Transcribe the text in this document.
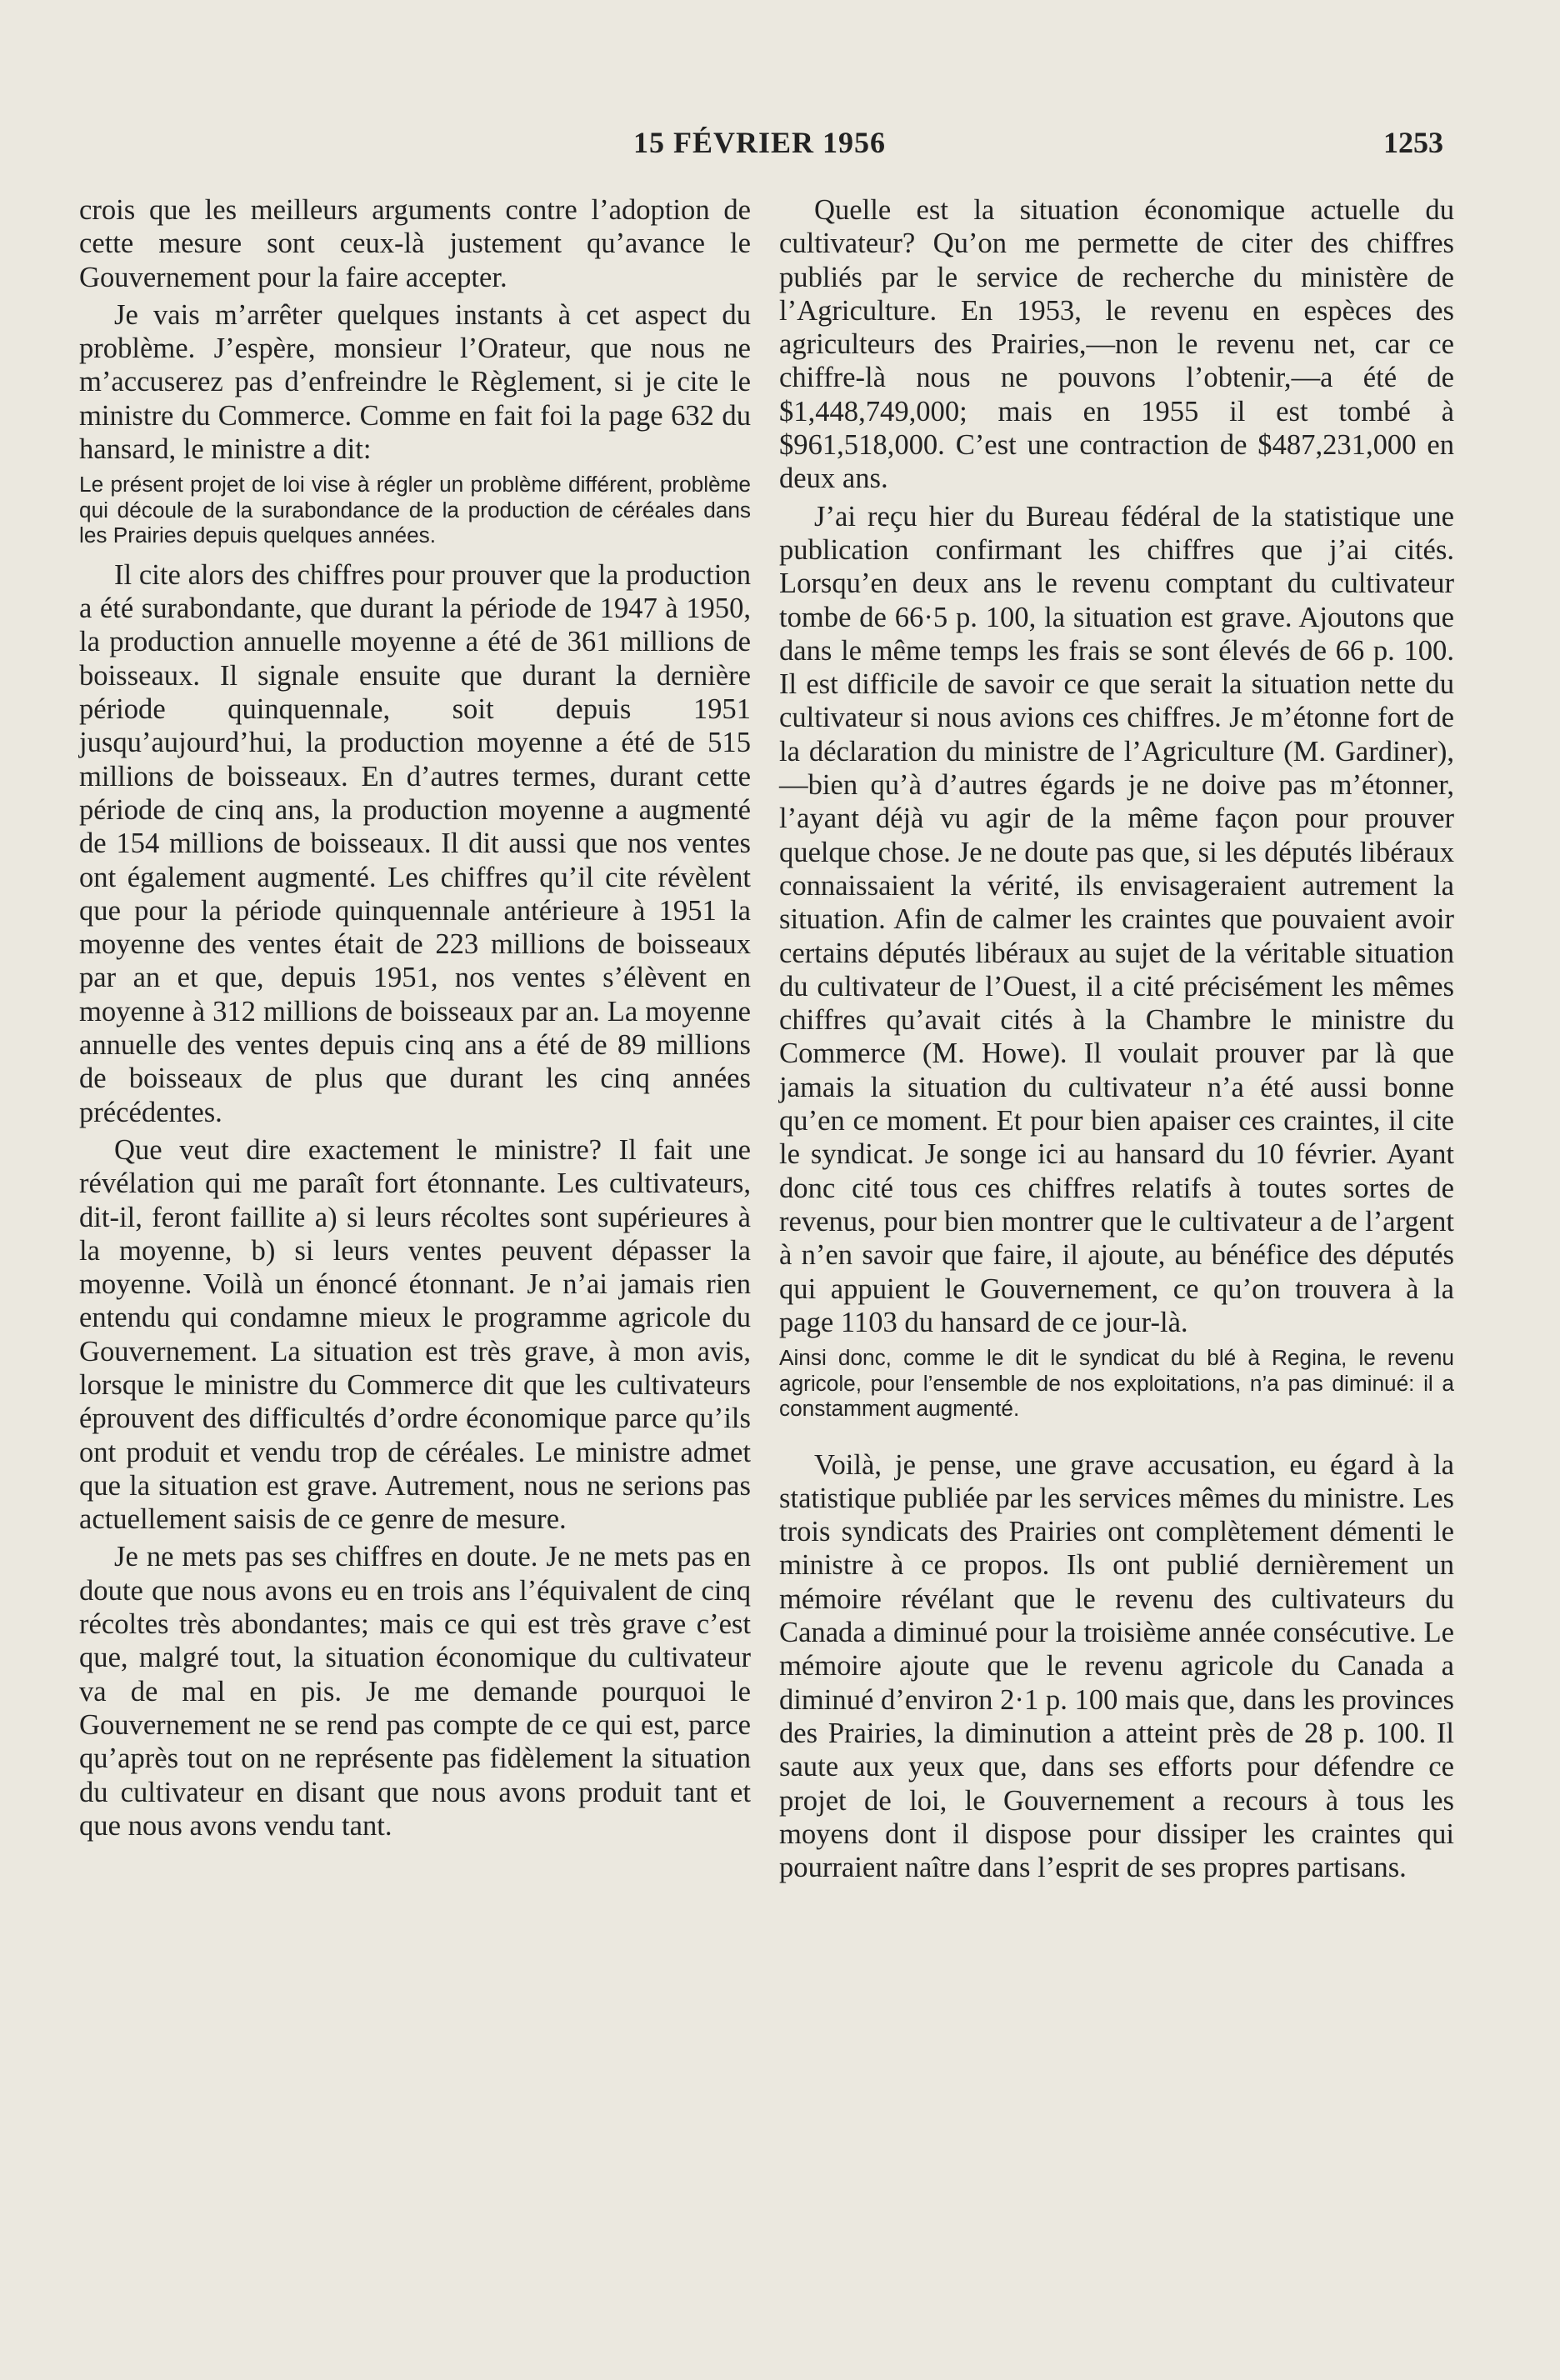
15 FÉVRIER 1956	1253

crois que les meilleurs arguments contre l’adoption de cette mesure sont ceux-là justement qu’avance le Gouvernement pour la faire accepter.

Je vais m’arrêter quelques instants à cet aspect du problème. J’espère, monsieur l’Orateur, que nous ne m’accuserez pas d’enfreindre le Règlement, si je cite le ministre du Commerce. Comme en fait foi la page 632 du hansard, le ministre a dit:

Le présent projet de loi vise à régler un problème différent, problème qui découle de la surabondance de la production de céréales dans les Prairies depuis quelques années.

Il cite alors des chiffres pour prouver que la production a été surabondante, que durant la période de 1947 à 1950, la production annuelle moyenne a été de 361 millions de boisseaux. Il signale ensuite que durant la dernière période quinquennale, soit depuis 1951 jusqu’aujourd’hui, la production moyenne a été de 515 millions de boisseaux. En d’autres termes, durant cette période de cinq ans, la production moyenne a augmenté de 154 millions de boisseaux. Il dit aussi que nos ventes ont également augmenté. Les chiffres qu’il cite révèlent que pour la période quinquennale antérieure à 1951 la moyenne des ventes était de 223 millions de boisseaux par an et que, depuis 1951, nos ventes s’élèvent en moyenne à 312 millions de boisseaux par an. La moyenne annuelle des ventes depuis cinq ans a été de 89 millions de boisseaux de plus que durant les cinq années précédentes.

Que veut dire exactement le ministre? Il fait une révélation qui me paraît fort étonnante. Les cultivateurs, dit-il, feront faillite a) si leurs récoltes sont supérieures à la moyenne, b) si leurs ventes peuvent dépasser la moyenne. Voilà un énoncé étonnant. Je n’ai jamais rien entendu qui condamne mieux le programme agricole du Gouvernement. La situation est très grave, à mon avis, lorsque le ministre du Commerce dit que les cultivateurs éprouvent des difficultés d’ordre économique parce qu’ils ont produit et vendu trop de céréales. Le ministre admet que la situation est grave. Autrement, nous ne serions pas actuellement saisis de ce genre de mesure.

Je ne mets pas ses chiffres en doute. Je ne mets pas en doute que nous avons eu en trois ans l’équivalent de cinq récoltes très abondantes; mais ce qui est très grave c’est que, malgré tout, la situation économique du cultivateur va de mal en pis. Je me demande pourquoi le Gouvernement ne se rend pas compte de ce qui est, parce qu’après tout on ne représente pas fidèlement la situation du cultivateur en disant que nous avons produit tant et que nous avons vendu tant.

Quelle est la situation économique actuelle du cultivateur? Qu’on me permette de citer des chiffres publiés par le service de recherche du ministère de l’Agriculture. En 1953, le revenu en espèces des agriculteurs des Prairies,—non le revenu net, car ce chiffre-là nous ne pouvons l’obtenir,—a été de $1,448,749,000; mais en 1955 il est tombé à $961,518,000. C’est une contraction de $487,231,000 en deux ans.

J’ai reçu hier du Bureau fédéral de la statistique une publication confirmant les chiffres que j’ai cités. Lorsqu’en deux ans le revenu comptant du cultivateur tombe de 66·5 p. 100, la situation est grave. Ajoutons que dans le même temps les frais se sont élevés de 66 p. 100. Il est difficile de savoir ce que serait la situation nette du cultivateur si nous avions ces chiffres. Je m’étonne fort de la déclaration du ministre de l’Agriculture (M. Gardiner),—bien qu’à d’autres égards je ne doive pas m’étonner, l’ayant déjà vu agir de la même façon pour prouver quelque chose. Je ne doute pas que, si les députés libéraux connaissaient la vérité, ils envisageraient autrement la situation. Afin de calmer les craintes que pouvaient avoir certains députés libéraux au sujet de la véritable situation du cultivateur de l’Ouest, il a cité précisément les mêmes chiffres qu’avait cités à la Chambre le ministre du Commerce (M. Howe). Il voulait prouver par là que jamais la situation du cultivateur n’a été aussi bonne qu’en ce moment. Et pour bien apaiser ces craintes, il cite le syndicat. Je songe ici au hansard du 10 février. Ayant donc cité tous ces chiffres relatifs à toutes sortes de revenus, pour bien montrer que le cultivateur a de l’argent à n’en savoir que faire, il ajoute, au bénéfice des députés qui appuient le Gouvernement, ce qu’on trouvera à la page 1103 du hansard de ce jour-là.

Ainsi donc, comme le dit le syndicat du blé à Regina, le revenu agricole, pour l’ensemble de nos exploitations, n’a pas diminué: il a constamment augmenté.

Voilà, je pense, une grave accusation, eu égard à la statistique publiée par les services mêmes du ministre. Les trois syndicats des Prairies ont complètement démenti le ministre à ce propos. Ils ont publié dernièrement un mémoire révélant que le revenu des cultivateurs du Canada a diminué pour la troisième année consécutive. Le mémoire ajoute que le revenu agricole du Canada a diminué d’environ 2·1 p. 100 mais que, dans les provinces des Prairies, la diminution a atteint près de 28 p. 100. Il saute aux yeux que, dans ses efforts pour défendre ce projet de loi, le Gouvernement a recours à tous les moyens dont il dispose pour dissiper les craintes qui pourraient naître dans l’esprit de ses propres partisans.
